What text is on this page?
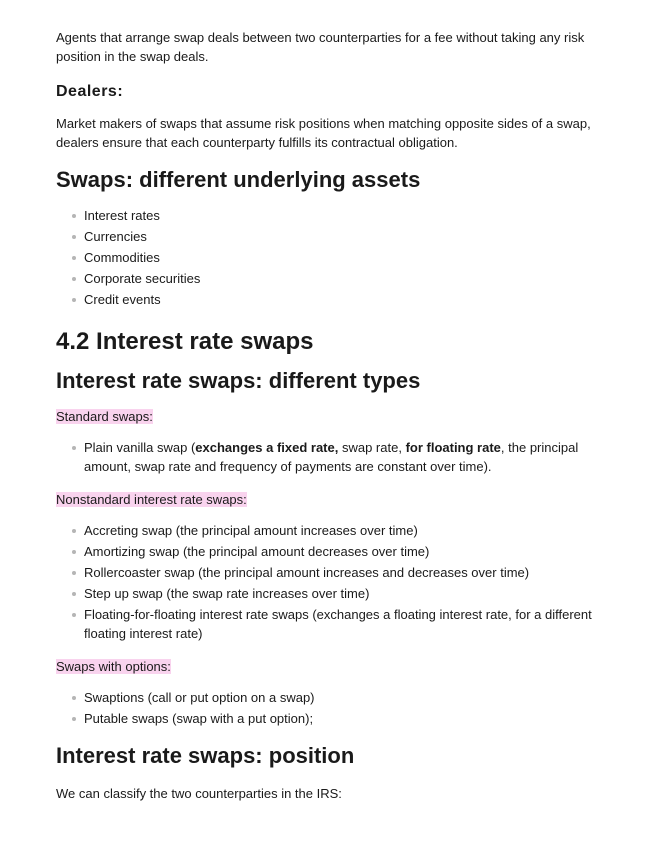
Agents that arrange swap deals between two counterparties for a fee without taking any risk position in the swap deals.

Dealers:

Market makers of swaps that assume risk positions when matching opposite sides of a swap, dealers ensure that each counterparty fulfills its contractual obligation.

Swaps: different underlying assets
Interest rates
Currencies
Commodities
Corporate securities
Credit events
4.2 Interest rate swaps
Interest rate swaps: different types

Standard swaps:

Plain vanilla swap (exchanges a fixed rate, swap rate, for floating rate, the principal amount, swap rate and frequency of payments are constant over time).

Nonstandard interest rate swaps:

Accreting swap (the principal amount increases over time)
Amortizing swap (the principal amount decreases over time)
Rollercoaster swap (the principal amount increases and decreases over time)
Step up swap (the swap rate increases over time)
Floating-for-floating interest rate swaps (exchanges a floating interest rate, for a different floating interest rate)

Swaps with options:

Swaptions (call or put option on a swap)
Putable swaps (swap with a put option);
Interest rate swaps: position

We can classify the two counterparties in the IRS:
